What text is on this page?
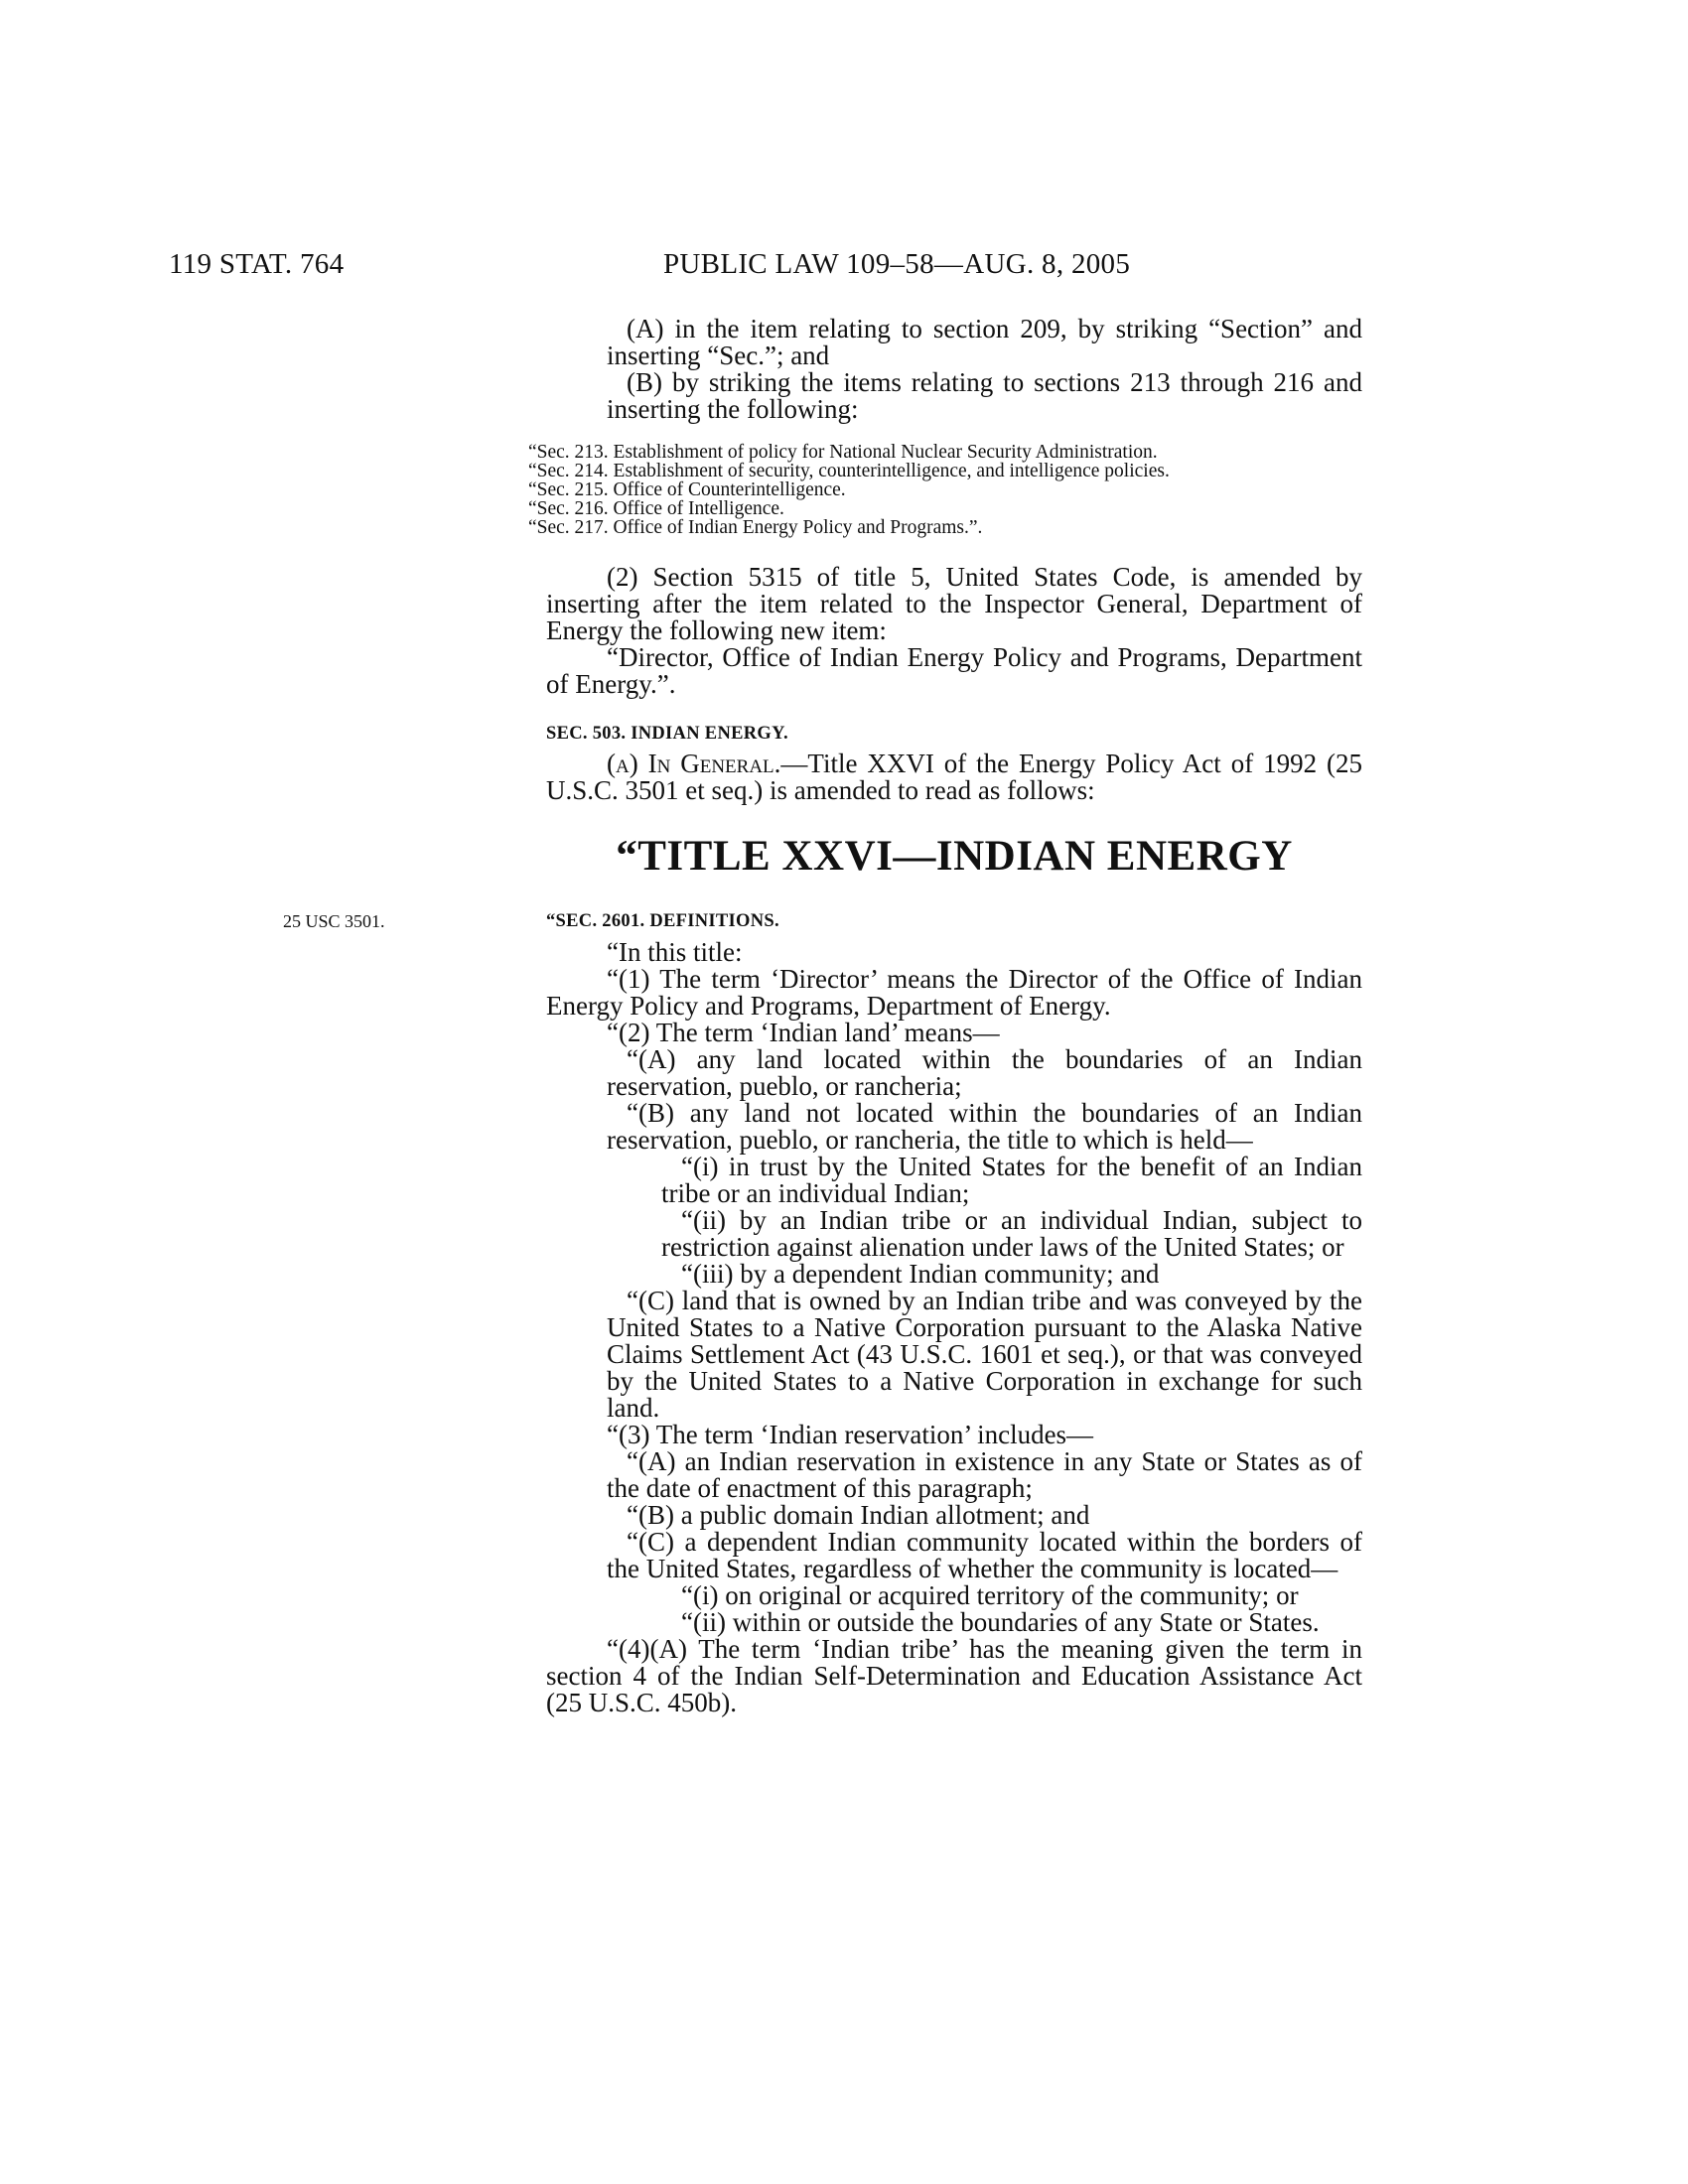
119 STAT. 764	PUBLIC LAW 109–58—AUG. 8, 2005

(A) in the item relating to section 209, by striking “Section” and inserting “Sec.”; and

(B) by striking the items relating to sections 213 through 216 and inserting the following:

“Sec. 213. Establishment of policy for National Nuclear Security Administration.
“Sec. 214. Establishment of security, counterintelligence, and intelligence policies.
“Sec. 215. Office of Counterintelligence.
“Sec. 216. Office of Intelligence.
“Sec. 217. Office of Indian Energy Policy and Programs.”.

(2) Section 5315 of title 5, United States Code, is amended by inserting after the item related to the Inspector General, Department of Energy the following new item:

“Director, Office of Indian Energy Policy and Programs, Department of Energy.”.

SEC. 503. INDIAN ENERGY.

(a) In General.—Title XXVI of the Energy Policy Act of 1992 (25 U.S.C. 3501 et seq.) is amended to read as follows:

“TITLE XXVI—INDIAN ENERGY
25 USC 3501.	“SEC. 2601. DEFINITIONS.

“In this title:

“(1) The term ‘Director’ means the Director of the Office of Indian Energy Policy and Programs, Department of Energy.

“(2) The term ‘Indian land’ means—

“(A) any land located within the boundaries of an Indian reservation, pueblo, or rancheria;

“(B) any land not located within the boundaries of an Indian reservation, pueblo, or rancheria, the title to which is held—

“(i) in trust by the United States for the benefit of an Indian tribe or an individual Indian;

“(ii) by an Indian tribe or an individual Indian, subject to restriction against alienation under laws of the United States; or

“(iii) by a dependent Indian community; and

“(C) land that is owned by an Indian tribe and was conveyed by the United States to a Native Corporation pursuant to the Alaska Native Claims Settlement Act (43 U.S.C. 1601 et seq.), or that was conveyed by the United States to a Native Corporation in exchange for such land.

“(3) The term ‘Indian reservation’ includes—

“(A) an Indian reservation in existence in any State or States as of the date of enactment of this paragraph;

“(B) a public domain Indian allotment; and

“(C) a dependent Indian community located within the borders of the United States, regardless of whether the community is located—

“(i) on original or acquired territory of the community; or

“(ii) within or outside the boundaries of any State or States.

“(4)(A) The term ‘Indian tribe’ has the meaning given the term in section 4 of the Indian Self-Determination and Education Assistance Act (25 U.S.C. 450b).
